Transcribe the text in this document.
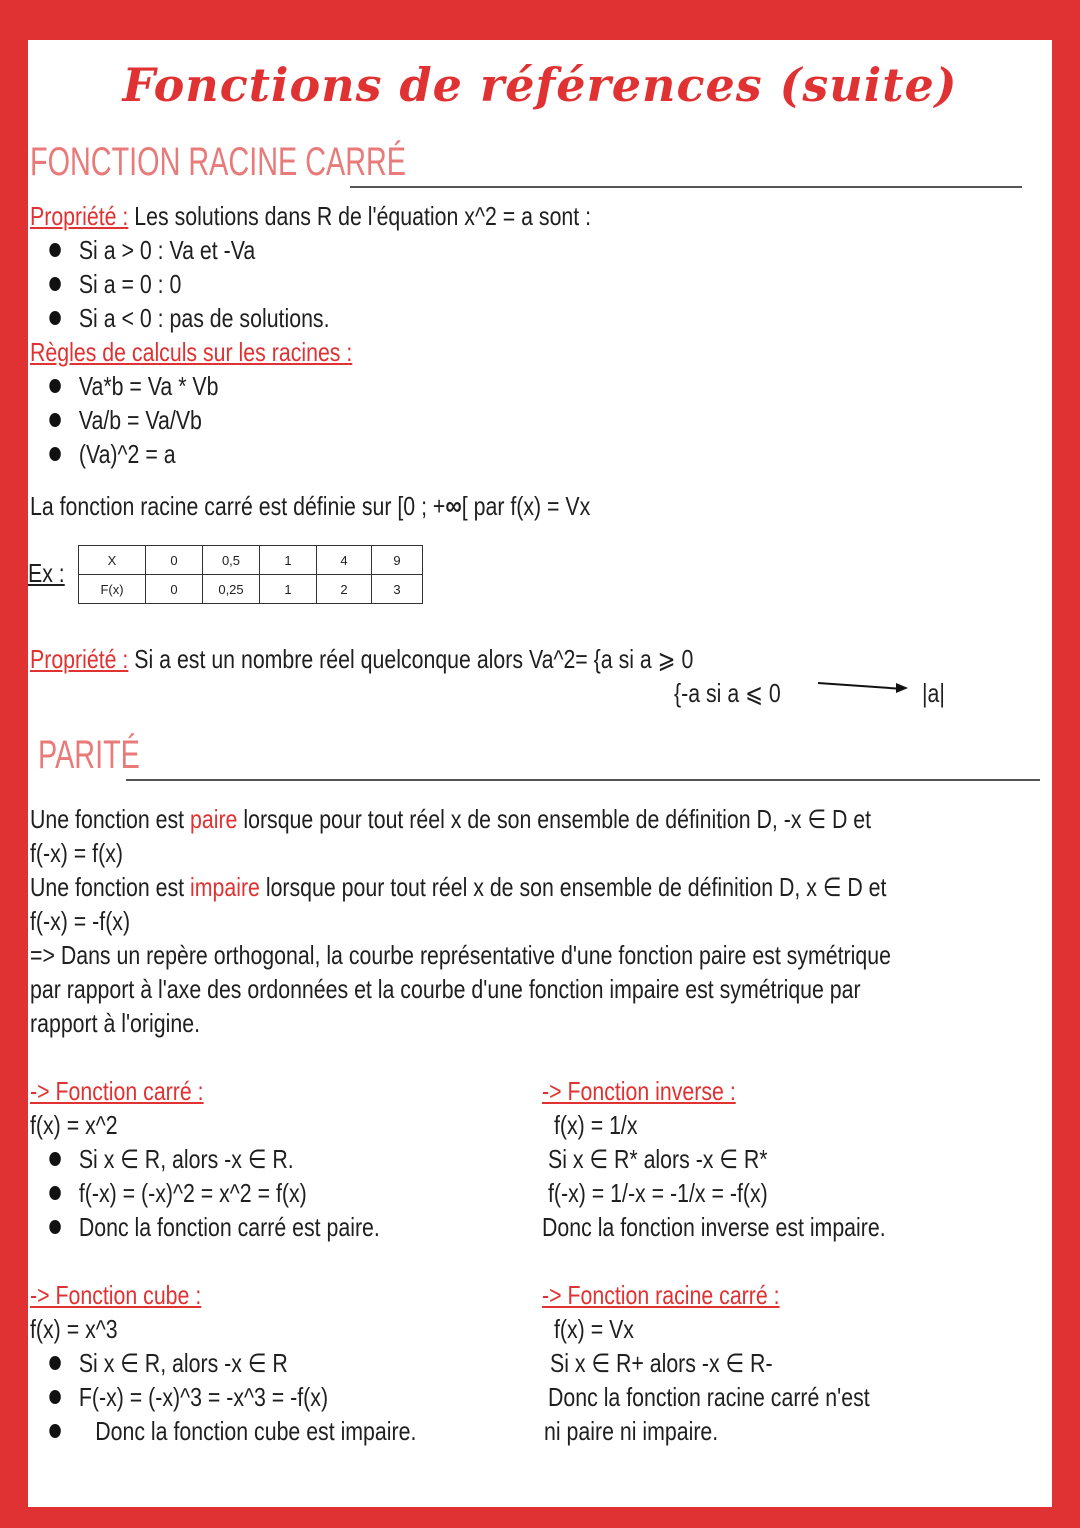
Fonctions de références (suite)
FONCTION RACINE CARRÉ
Propriété : Les solutions dans R de l'équation x^2 = a sont :
Si a > 0 : Va et -Va
Si a = 0 : 0
Si a < 0 : pas de solutions.
Règles de calculs sur les racines :
Va*b = Va * Vb
Va/b = Va/Vb
(Va)^2 = a
La fonction racine carré est définie sur [0 ; +∞[ par f(x) = Vx
Ex :	X	0	0,5	1	4	9
F(x)	0	0,25	1	2	3
Propriété : Si a est un nombre réel quelconque alors Va^2= {a si a ⩾ 0
{-a si a ⩽ 0	|a|
PARITÉ
Une fonction est paire lorsque pour tout réel x de son ensemble de définition D, -x ∈ D et
f(-x) = f(x)
Une fonction est impaire lorsque pour tout réel x de son ensemble de définition D, x ∈ D et
f(-x) = -f(x)
=> Dans un repère orthogonal, la courbe représentative d'une fonction paire est symétrique
par rapport à l'axe des ordonnées et la courbe d'une fonction impaire est symétrique par
rapport à l'origine.
-> Fonction carré :
f(x) = x^2
Si x ∈ R, alors -x ∈ R.
f(-x) = (-x)^2 = x^2 = f(x)
Donc la fonction carré est paire.
-> Fonction inverse :
f(x) = 1/x
Si x ∈ R* alors -x ∈ R*
f(-x) = 1/-x = -1/x = -f(x)
Donc la fonction inverse est impaire.
-> Fonction cube :
f(x) = x^3
Si x ∈ R, alors -x ∈ R
F(-x) = (-x)^3 = -x^3 = -f(x)
Donc la fonction cube est impaire.
-> Fonction racine carré :
f(x) = Vx
Si x ∈ R+ alors -x ∈ R-
Donc la fonction racine carré n'est
ni paire ni impaire.
